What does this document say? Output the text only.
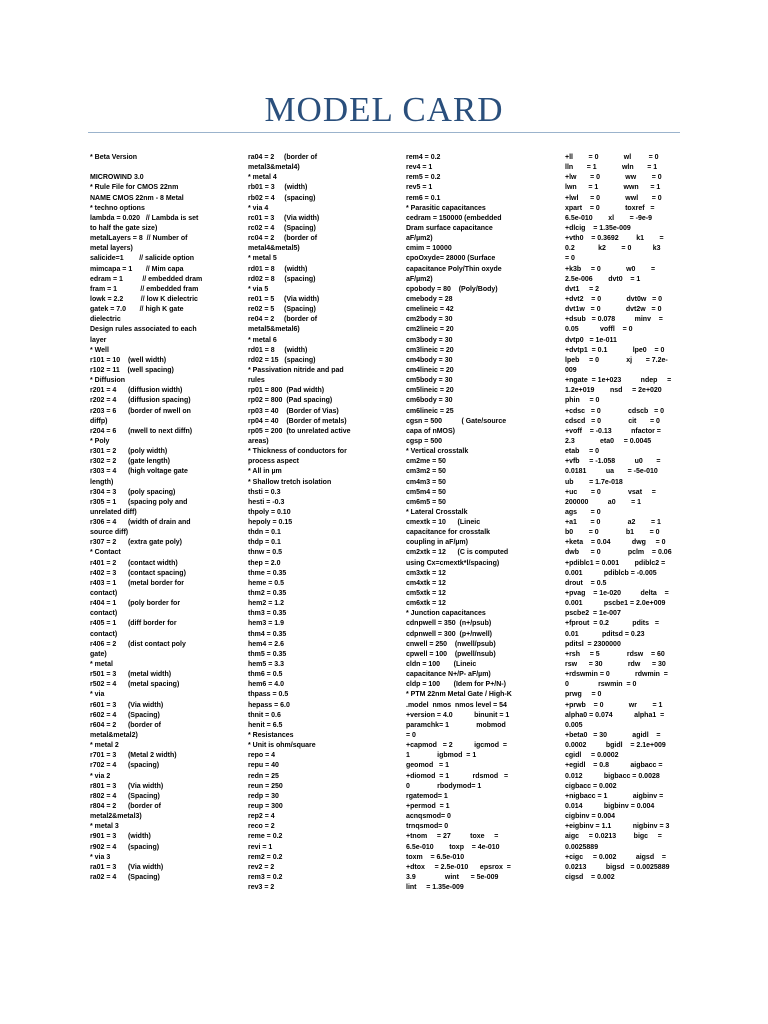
MODEL CARD
* Beta Version
MICROWIND 3.0
* Rule File for CMOS 22nm
NAME CMOS 22nm - 8 Metal
* techno options
lambda = 0.020   // Lambda is set
to half the gate size)
metalLayers = 8  // Number of
metal layers)
salicide=1        // salicide option
mimcapa = 1       // Mim capa
edram = 1          // embedded dram
fram = 1            // embedded fram
lowk = 2.2         // low K dielectric
gatek = 7.0       // high K gate
dielectric
Design rules associated to each
layer
* Well
r101 = 10    (well width)
r102 = 11    (well spacing)
* Diffusion
r201 = 4      (diffusion width)
r202 = 4      (diffusion spacing)
r203 = 6      (border of nwell on
diffp)
r204 = 6      (nwell to next diffn)
* Poly
r301 = 2      (poly width)
r302 = 2      (gate length)
r303 = 4      (high voltage gate
length)
r304 = 3      (poly spacing)
r305 = 1      (spacing poly and
unrelated diff)
r306 = 4      (width of drain and
source diff)
r307 = 2      (extra gate poly)
* Contact
r401 = 2      (contact width)
r402 = 3      (contact spacing)
r403 = 1      (metal border for
contact)
r404 = 1      (poly border for
contact)
r405 = 1      (diff border for
contact)
r406 = 2      (dist contact poly
gate)
* metal
r501 = 3      (metal width)
r502 = 4      (metal spacing)
* via
r601 = 3      (Via width)
r602 = 4      (Spacing)
r604 = 2      (border of
metal&metal2)
* metal 2
r701 = 3      (Metal 2 width)
r702 = 4      (spacing)
* via 2
r801 = 3      (Via width)
r802 = 4      (Spacing)
r804 = 2      (border of
metal2&metal3)
* metal 3
r901 = 3      (width)
r902 = 4      (spacing)
* via 3
ra01 = 3      (Via width)
ra02 = 4      (Spacing)
ra04 = 2     (border of
metal3&metal4)
* metal 4
rb01 = 3     (width)
rb02 = 4     (spacing)
* via 4
rc01 = 3     (Via width)
rc02 = 4     (Spacing)
rc04 = 2     (border of
metal4&metal5)
* metal 5
rd01 = 8     (width)
rd02 = 8     (spacing)
* via 5
re01 = 5     (Via width)
re02 = 5     (Spacing)
re04 = 2     (border of
metal5&metal6)
* metal 6
rd01 = 8     (width)
rd02 = 15   (spacing)
* Passivation nitride and pad
rules
rp01 = 800  (Pad width)
rp02 = 800  (Pad spacing)
rp03 = 40    (Border of Vias)
rp04 = 40    (Border of metals)
rp05 = 200  (to unrelated active
areas)
* Thickness of conductors for
process aspect
* All in µm
* Shallow tretch isolation
thsti = 0.3
hesti = -0.3
thpoly = 0.10
hepoly = 0.15
thdn = 0.1
thdp = 0.1
thnw = 0.5
thep = 2.0
thme = 0.35
heme = 0.5
thm2 = 0.35
hem2 = 1.2
thm3 = 0.35
hem3 = 1.9
thm4 = 0.35
hem4 = 2.6
thm5 = 0.35
hem5 = 3.3
thm6 = 0.5
hem6 = 4.0
thpass = 0.5
hepass = 6.0
thnit = 0.6
henit = 6.5
* Resistances
* Unit is ohm/square
repo = 4
repu = 40
redn = 25
reun = 250
redp = 30
reup = 300
rep2 = 4
reco = 2
reme = 0.2
revi = 1
rem2 = 0.2
rev2 = 2
rem3 = 0.2
rev3 = 2
rem4 = 0.2
rev4 = 1
rem5 = 0.2
rev5 = 1
rem6 = 0.1
* Parasitic capacitances
cedram = 150000 (embedded
Dram surface capacitance
aF/µm2)
cmim = 10000
cpoOxyde= 28000 (Surface
capacitance Poly/Thin oxyde
aF/µm2)
cpobody = 80    (Poly/Body)
cmebody = 28
cmelineic = 42
cm2body = 30
cm2lineic = 20
cm3body = 30
cm3lineic = 20
cm4body = 30
cm4lineic = 20
cm5body = 30
cm5lineic = 20
cm6body = 30
cm6lineic = 25
cgsn = 500          ( Gate/source
capa of nMOS)
cgsp = 500
* Vertical crosstalk
cm2me = 50
cm3m2 = 50
cm4m3 = 50
cm5m4 = 50
cm6m5 = 50
* Lateral Crosstalk
cmextk = 10      (Lineic
capacitance for crosstalk
coupling in aF/µm)
cm2xtk = 12      (C is computed
using Cx=cmextk*l/spacing)
cm3xtk = 12
cm4xtk = 12
cm5xtk = 12
cm6xtk = 12
* Junction capacitances
cdnpwell = 350  (n+/psub)
cdpnwell = 300  (p+/nwell)
cnwell = 250    (nwell/psub)
cpwell = 100    (pwell/nsub)
cldn = 100       (Lineic
capacitance N+/P- aF/µm)
cldp = 100       (Idem for P+/N-)
* PTM 22nm Metal Gate / High-K
.model  nmos  nmos level = 54
+version = 4.0           binunit = 1
paramchk= 1              mobmod
= 0
+capmod   = 2           igcmod  =
1              igbmod  = 1
geomod   = 1
+diomod  = 1            rdsmod   =
0              rbodymod= 1
rgatemod= 1
+permod  = 1
acnqsmod= 0
trnqsmod= 0
+tnom     = 27          toxe     =
6.5e-010        toxp    = 4e-010
toxm    = 6.5e-010
+dtox     = 2.5e-010      epsrox  =
3.9               wint      = 5e-009
lint     = 1.35e-009
+ll        = 0             wl         = 0
lln       = 1             wln       = 1
+lw       = 0             ww        = 0
lwn      = 1             wwn      = 1
+lwl      = 0             wwl       = 0
xpart    = 0             toxref   =
6.5e-010        xl        = -9e-9
+dlcig    = 1.35e-009
+vth0    = 0.3692         k1        =
0.2            k2        = 0           k3
= 0
+k3b     = 0             w0        =
2.5e-006        dvt0    = 1
dvt1     = 2
+dvt2    = 0             dvt0w   = 0
dvt1w   = 0             dvt2w   = 0
+dsub   = 0.078          minv    =
0.05           voffl    = 0
dvtp0   = 1e-011
+dvtp1  = 0.1             lpe0    = 0
lpeb     = 0              xj       = 7.2e-
009
+ngate  = 1e+023          ndep     =
1.2e+019        nsd     = 2e+020
phin     = 0
+cdsc   = 0              cdscb   = 0
cdscd   = 0              cit       = 0
+voff    = -0.13          nfactor =
2.3             eta0     = 0.0045
etab     = 0
+vfb     = -1.058          u0       =
0.0181          ua       = -5e-010
ub        = 1.7e-018
+uc       = 0              vsat     =
200000          a0        = 1
ags       = 0
+a1       = 0              a2        = 1
b0        = 0              b1        = 0
+keta    = 0.04           dwg     = 0
dwb      = 0              pclm    = 0.06
+pdiblc1 = 0.001        pdiblc2 =
0.001           pdiblcb = -0.005
drout    = 0.5
+pvag    = 1e-020          delta    =
0.001           pscbe1 = 2.0e+009
pscbe2  = 1e-007
+fprout  = 0.2            pdits   =
0.01            pditsd = 0.23
pditsl  = 2300000
+rsh     = 5              rdsw    = 60
rsw      = 30             rdw      = 30
+rdswmin = 0             rdwmin  =
0               rswmin  = 0
prwg     = 0
+prwb    = 0             wr        = 1
alpha0 = 0.074           alpha1  =
0.005
+beta0   = 30             agidl    =
0.0002          bgidl    = 2.1e+009
cgidl     = 0.0002
+egidl    = 0.8           aigbacc =
0.012           bigbacc = 0.0028
cigbacc = 0.002
+nigbacc = 1             aigbinv =
0.014           bigbinv = 0.004
cigbinv = 0.004
+eigbinv = 1.1           nigbinv = 3
aigc     = 0.0213         bigc     =
0.0025889
+cigc     = 0.002          aigsd    =
0.0213          bigsd   = 0.0025889
cigsd    = 0.002
